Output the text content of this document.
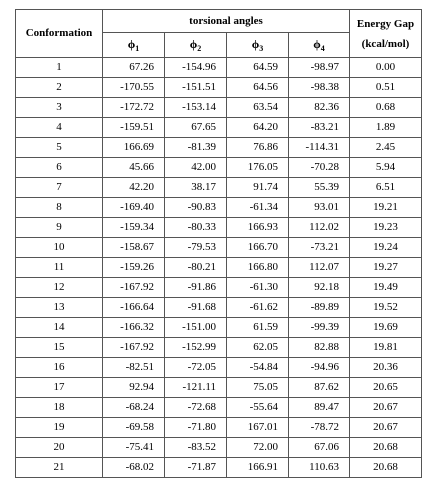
Conformation	torsional angles				Energy Gap
(kcal/mol)
	$\phi_1$	$\phi_2$	$\phi_3$	$\phi_4$
1	67.26	-154.96	64.59	-98.97	0.00
2	-170.55	-151.51	64.56	-98.38	0.51
3	-172.72	-153.14	63.54	82.36	0.68
4	-159.51	67.65	64.20	-83.21	1.89
5	166.69	-81.39	76.86	-114.31	2.45
6	45.66	42.00	176.05	-70.28	5.94
7	42.20	38.17	91.74	55.39	6.51
8	-169.40	-90.83	-61.34	93.01	19.21
9	-159.34	-80.33	166.93	112.02	19.23
10	-158.67	-79.53	166.70	-73.21	19.24
11	-159.26	-80.21	166.80	112.07	19.27
12	-167.92	-91.86	-61.30	92.18	19.49
13	-166.64	-91.68	-61.62	-89.89	19.52
14	-166.32	-151.00	61.59	-99.39	19.69
15	-167.92	-152.99	62.05	82.88	19.81
16	-82.51	-72.05	-54.84	-94.96	20.36
17	92.94	-121.11	75.05	87.62	20.65
18	-68.24	-72.68	-55.64	89.47	20.67
19	-69.58	-71.80	167.01	-78.72	20.67
20	-75.41	-83.52	72.00	67.06	20.68
21	-68.02	-71.87	166.91	110.63	20.68
